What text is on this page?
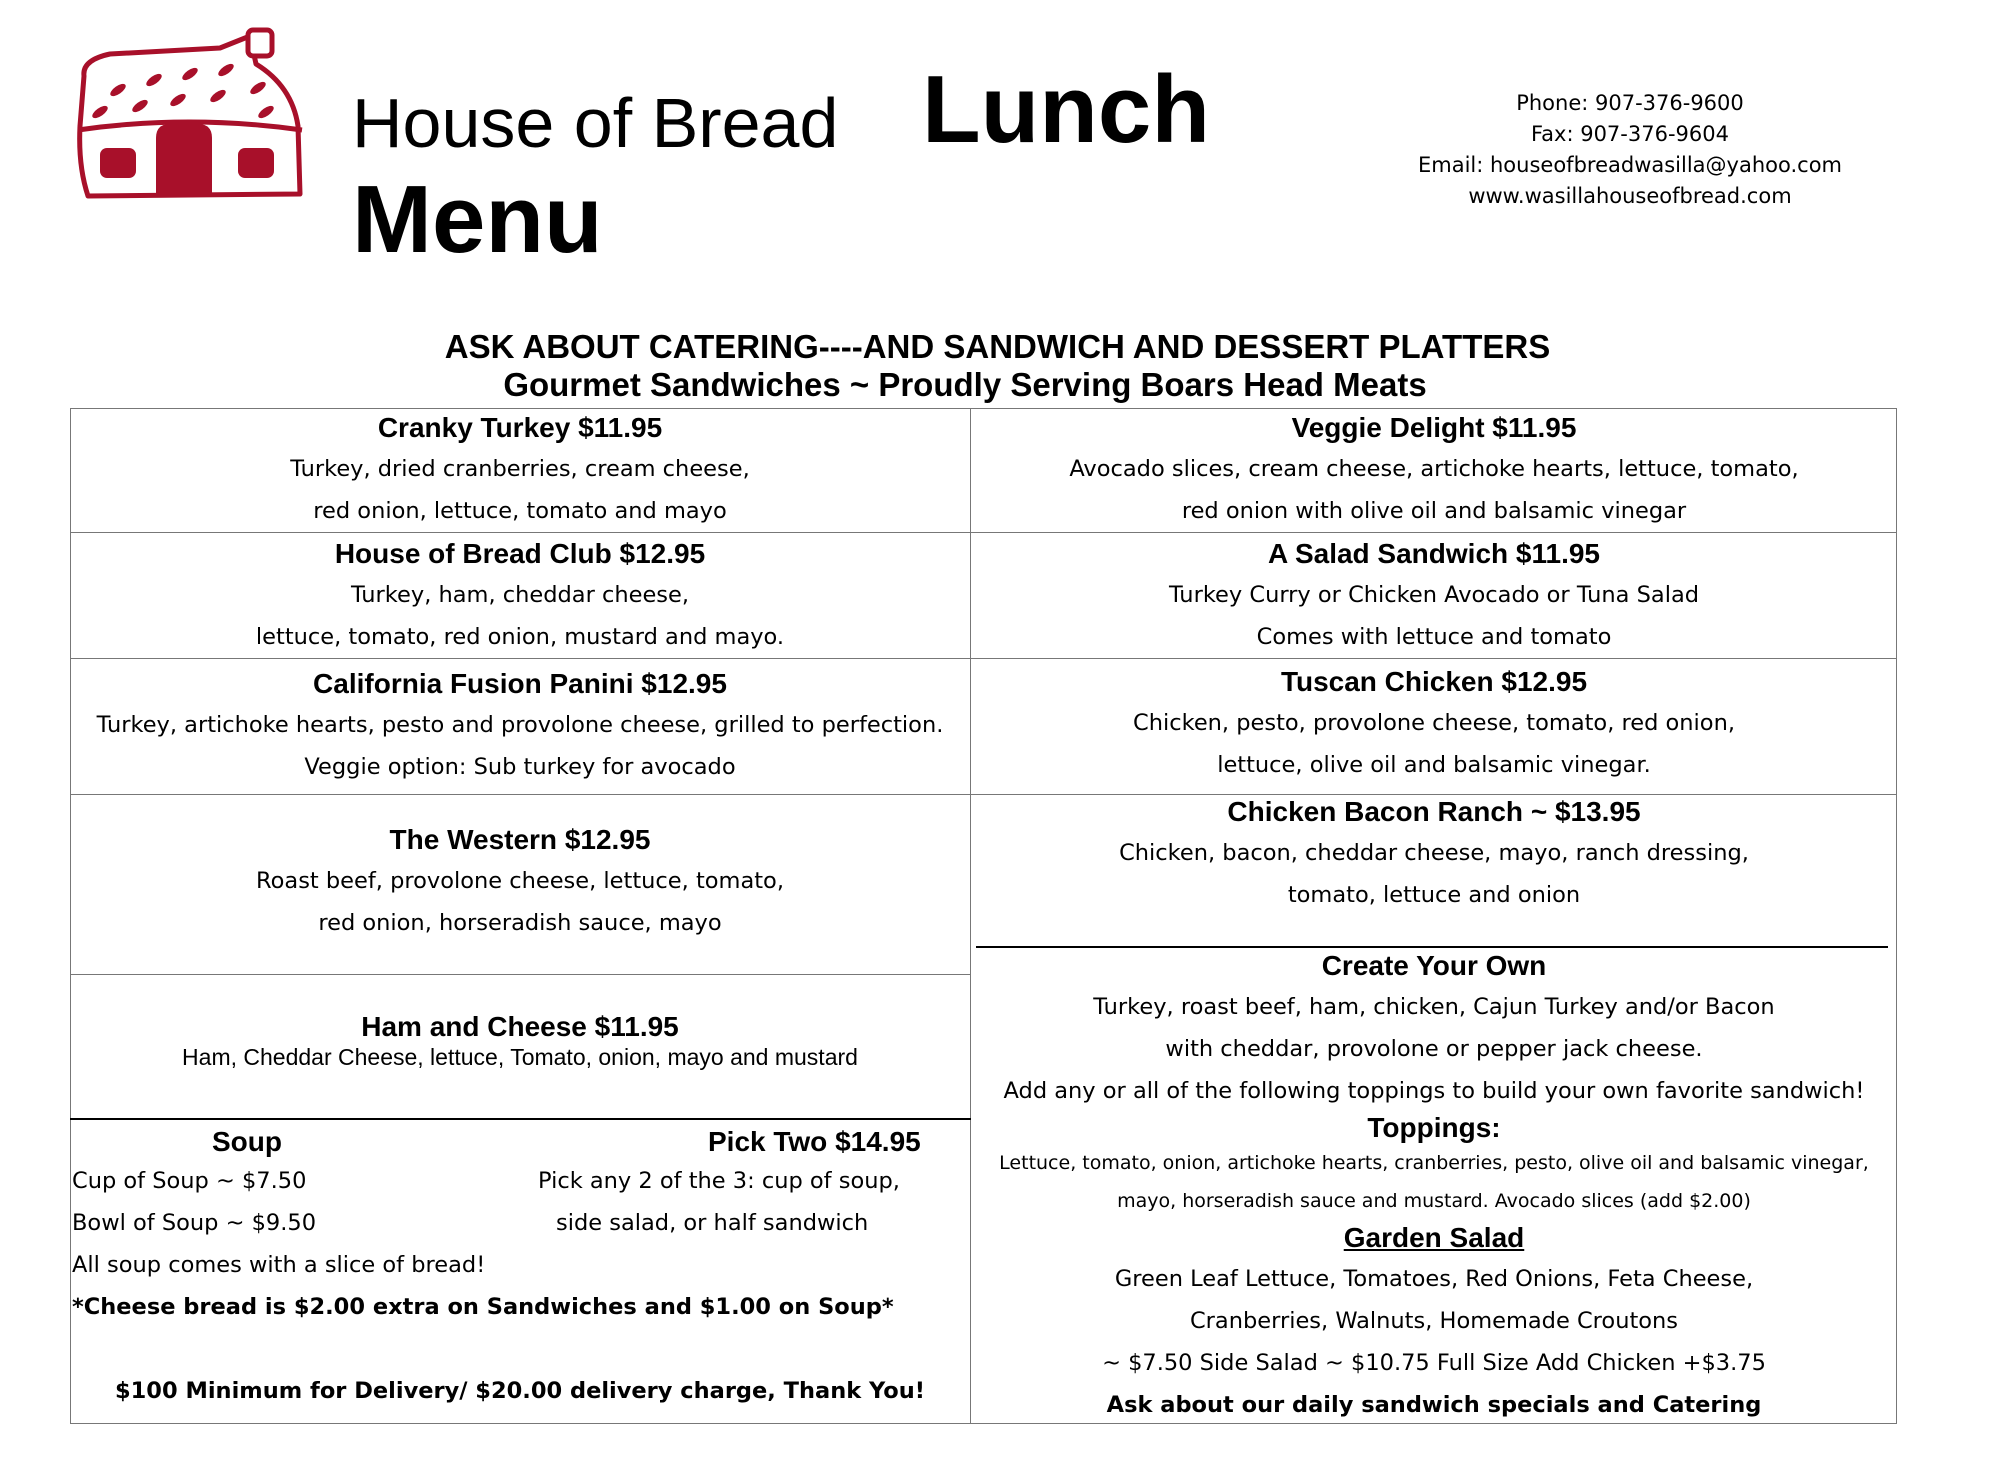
House of Bread Lunch
Menu
Phone: 907-376-9600
Fax: 907-376-9604
Email: houseofbreadwasilla@yahoo.com
www.wasillahouseofbread.com
ASK ABOUT CATERING----AND SANDWICH AND DESSERT PLATTERS
Gourmet Sandwiches ~ Proudly Serving Boars Head Meats
Cranky Turkey $11.95
Turkey, dried cranberries, cream cheese,
red onion, lettuce, tomato and mayo
House of Bread Club $12.95
Turkey, ham, cheddar cheese,
lettuce, tomato, red onion, mustard and mayo.
California Fusion Panini $12.95
Turkey, artichoke hearts, pesto and provolone cheese, grilled to perfection.
Veggie option: Sub turkey for avocado
The Western $12.95
Roast beef, provolone cheese, lettuce, tomato,
red onion, horseradish sauce, mayo
Ham and Cheese $11.95
Ham, Cheddar Cheese, lettuce, Tomato, onion, mayo and mustard
Soup	Pick Two $14.95
Cup of Soup ~ $7.50
Bowl of Soup ~ $9.50
All soup comes with a slice of bread!
*Cheese bread is $2.00 extra on Sandwiches and $1.00 on Soup*
Pick any 2 of the 3: cup of soup,
side salad, or half sandwich
$100 Minimum for Delivery/ $20.00 delivery charge, Thank You!
Veggie Delight $11.95
Avocado slices, cream cheese, artichoke hearts, lettuce, tomato,
red onion with olive oil and balsamic vinegar
A Salad Sandwich $11.95
Turkey Curry or Chicken Avocado or Tuna Salad
Comes with lettuce and tomato
Tuscan Chicken $12.95
Chicken, pesto, provolone cheese, tomato, red onion,
lettuce, olive oil and balsamic vinegar.
Chicken Bacon Ranch ~ $13.95
Chicken, bacon, cheddar cheese, mayo, ranch dressing,
tomato, lettuce and onion
Create Your Own
Turkey, roast beef, ham, chicken, Cajun Turkey and/or Bacon
with cheddar, provolone or pepper jack cheese.
Add any or all of the following toppings to build your own favorite sandwich!
Toppings:
Lettuce, tomato, onion, artichoke hearts, cranberries, pesto, olive oil and balsamic vinegar,
mayo, horseradish sauce and mustard. Avocado slices (add $2.00)
Garden Salad
Green Leaf Lettuce, Tomatoes, Red Onions, Feta Cheese,
Cranberries, Walnuts, Homemade Croutons
~ $7.50 Side Salad ~ $10.75 Full Size Add Chicken +$3.75
Ask about our daily sandwich specials and Catering
